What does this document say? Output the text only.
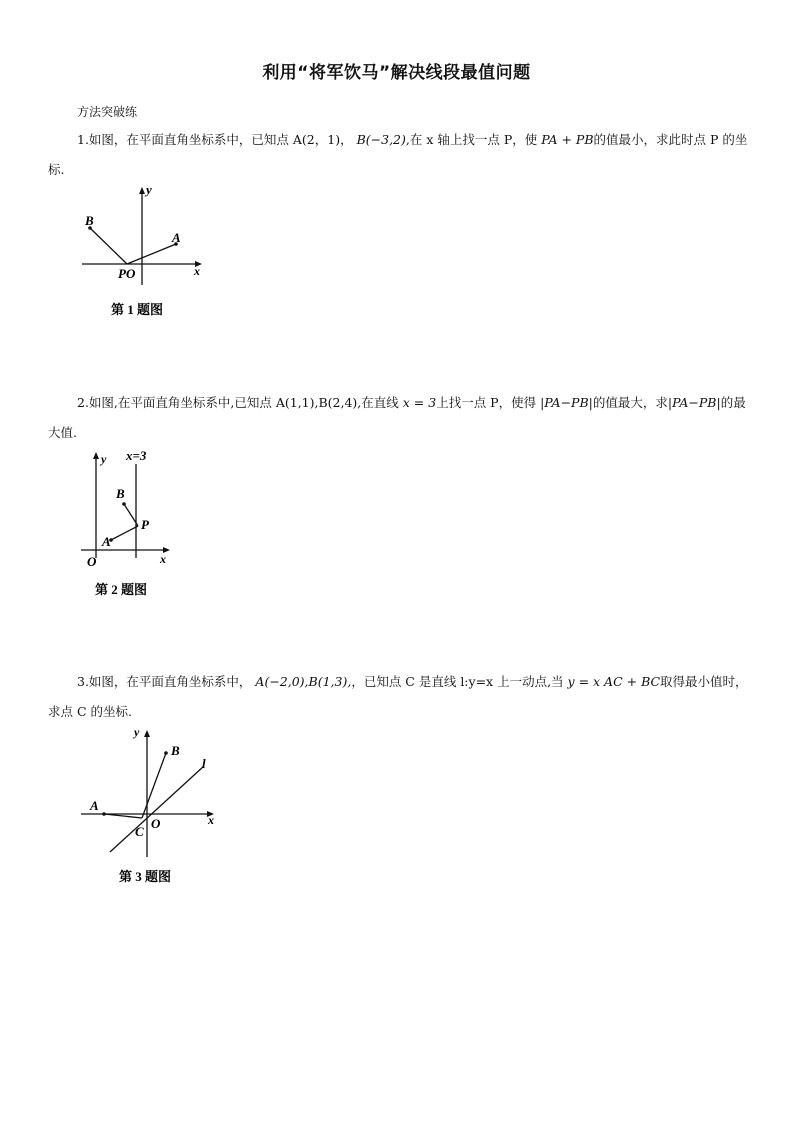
利用“将军饮马”解决线段最值问题
方法突破练
1.如图，在平面直角坐标系中，已知点 A(2，1)， B(−3,2),在 x 轴上找一点 P，使 PA + PB的值最小，求此时点 P 的坐标.
y
B
A
PO	x
第 1 题图
2.如图,在平面直角坐标系中,已知点 A(1,1),B(2,4),在直线 x = 3上找一点 P，使得 |PA−PB|的值最大，求|PA−PB|的最大值.
y x=3
B
P
A
O	x
第 2 题图
3.如图，在平面直角坐标系中， A(−2,0),B(1,3),，已知点 C 是直线 l:y=x 上一动点,当 y = x AC + BC取得最小值时，求点 C 的坐标.
y
B
l
A
C
O	x
第 3 题图
